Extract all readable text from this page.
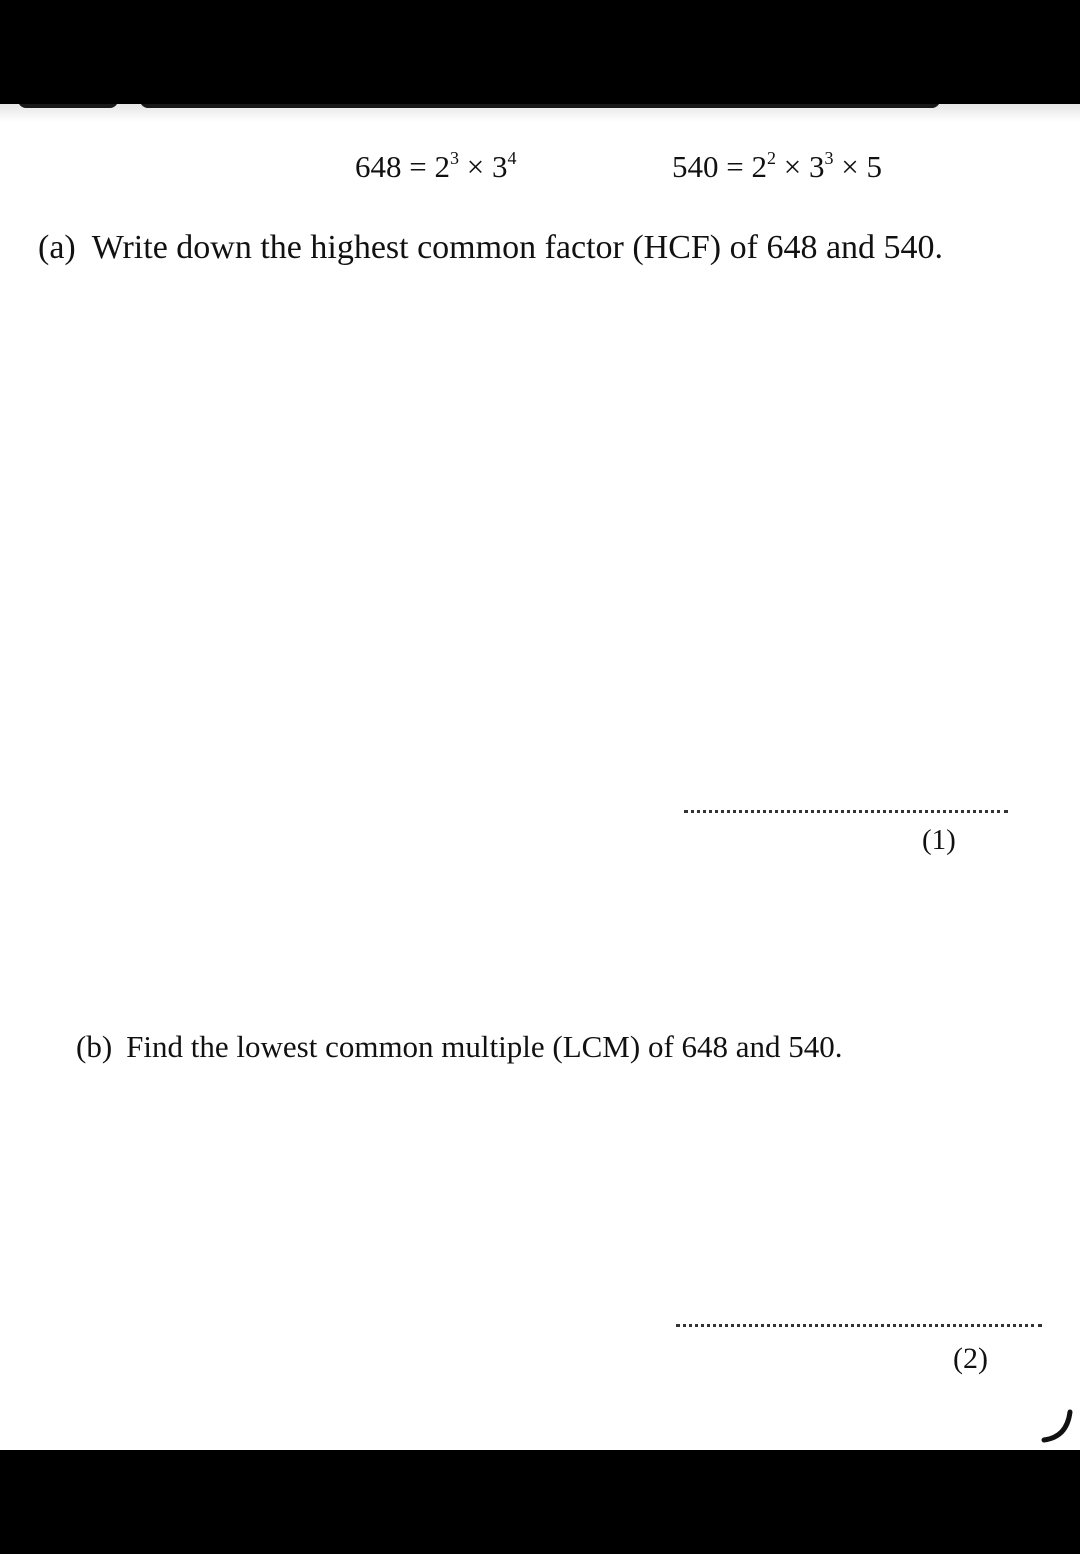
$648 = 2^3 \times 3^4$	$540 = 2^2 \times 3^3 \times 5$
(a) Write down the highest common factor (HCF) of 648 and 540.
(1)
(b) Find the lowest common multiple (LCM) of 648 and 540.
(2)
